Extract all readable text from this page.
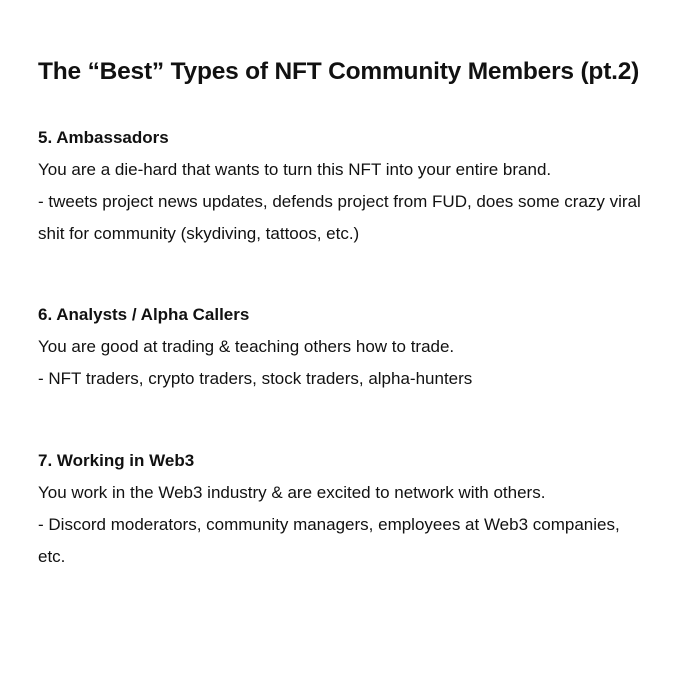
The “Best” Types of NFT Community Members (pt.2)
5. Ambassadors

You are a die-hard that wants to turn this NFT into your entire brand.

- tweets project news updates, defends project from FUD, does some crazy viral shit for community (skydiving, tattoos, etc.)

6. Analysts / Alpha Callers

You are good at trading & teaching others how to trade.

- NFT traders, crypto traders, stock traders, alpha-hunters

7. Working in Web3

You work in the Web3 industry & are excited to network with others.

- Discord moderators, community managers, employees at Web3 companies, etc.
